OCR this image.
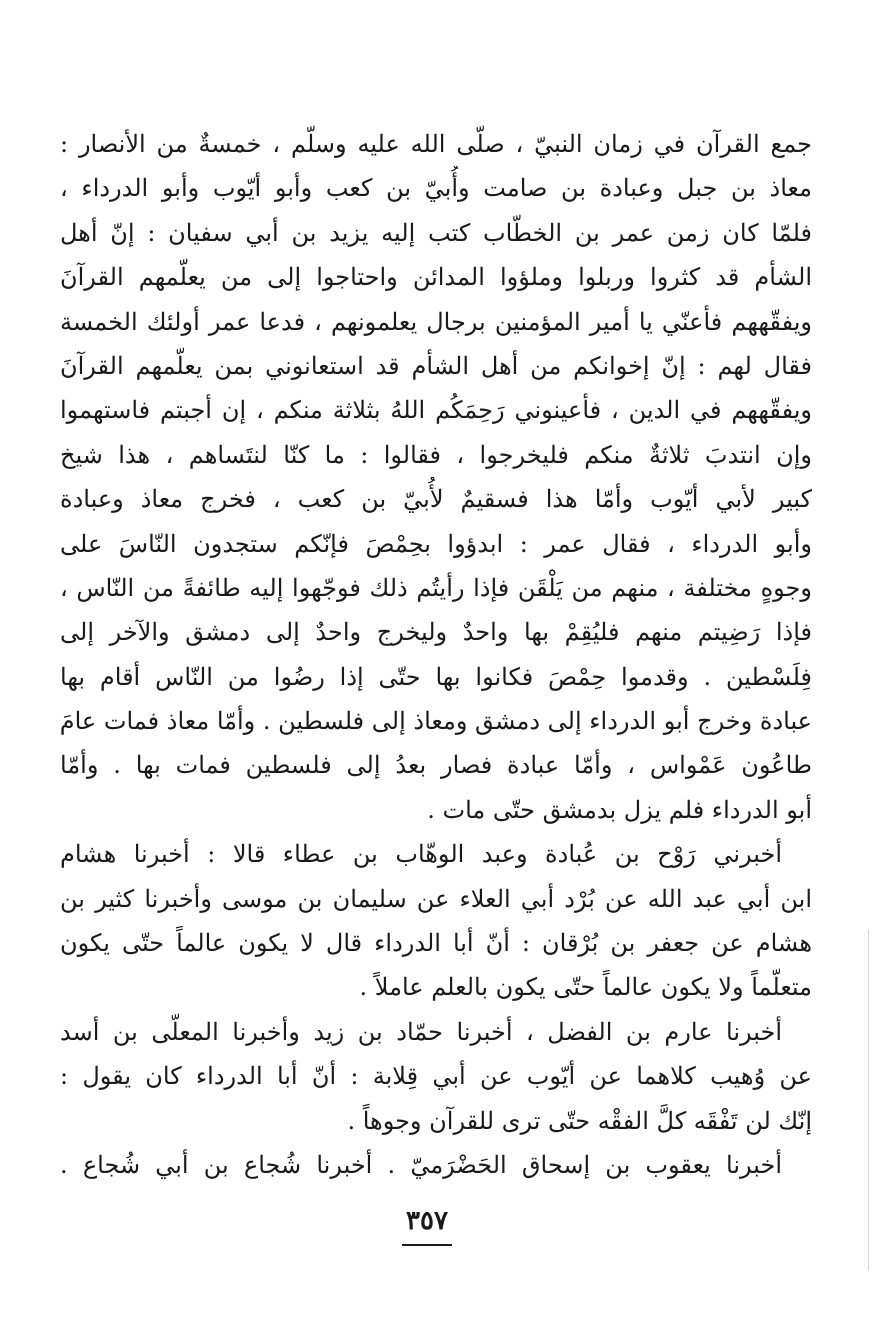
جمع القرآن في زمان النبيّ ، صلّى الله عليه وسلّم ، خمسةٌ من الأنصار :
معاذ بن جبل وعبادة بن صامت وأُبيّ بن كعب وأبو أيّوب وأبو الدرداء ،
فلمّا كان زمن عمر بن الخطّاب كتب إليه يزيد بن أبي سفيان : إنّ أهل
الشأم قد كثروا وربلوا وملؤوا المدائن واحتاجوا إلى من يعلّمهم القرآنَ
ويفقّههم فأعنّي يا أمير المؤمنين برجال يعلمونهم ، فدعا عمر أولئك الخمسة
فقال لهم : إنّ إخوانكم من أهل الشأم قد استعانوني بمن يعلّمهم القرآنَ
ويفقّههم في الدين ، فأعينوني رَحِمَكُم اللهُ بثلاثة منكم ، إن أجبتم فاستهموا
وإن انتدبَ ثلاثةٌ منكم فليخرجوا ، فقالوا : ما كنّا لنتَساهم ، هذا شيخ
كبير لأبي أيّوب وأمّا هذا فسقيمٌ لأُبيّ بن كعب ، فخرج معاذ وعبادة
وأبو الدرداء ، فقال عمر : ابدؤوا بحِمْصَ فإنّكم ستجدون النّاسَ على
وجوهٍ مختلفة ، منهم من يَلْقَن فإذا رأيتُم ذلك فوجّهوا إليه طائفةً من النّاس ،
فإذا رَضِيتم منهم فليُقِمْ بها واحدٌ وليخرج واحدٌ إلى دمشق والآخر إلى
فِلَسْطين . وقدموا حِمْصَ فكانوا بها حتّى إذا رضُوا من النّاس أقام بها
عبادة وخرج أبو الدرداء إلى دمشق ومعاذ إلى فلسطين . وأمّا معاذ فمات عامَ
طاعُون عَمْواس ، وأمّا عبادة فصار بعدُ إلى فلسطين فمات بها . وأمّا
أبو الدرداء فلم يزل بدمشق حتّى مات .
أخبرني رَوْح بن عُبادة وعبد الوهّاب بن عطاء قالا : أخبرنا هشام
ابن أبي عبد الله عن بُرْد أبي العلاء عن سليمان بن موسى وأخبرنا كثير بن
هشام عن جعفر بن بُرْقان : أنّ أبا الدرداء قال لا يكون عالماً حتّى يكون
متعلّماً ولا يكون عالماً حتّى يكون بالعلم عاملاً .
أخبرنا عارم بن الفضل ، أخبرنا حمّاد بن زيد وأخبرنا المعلّى بن أسد
عن وُهيب كلاهما عن أيّوب عن أبي قِلابة : أنّ أبا الدرداء كان يقول :
إنّك لن تَفْقَه كلَّ الفقْه حتّى ترى للقرآن وجوهاً .
أخبرنا يعقوب بن إسحاق الحَضْرَميّ . أخبرنا شُجاع بن أبي شُجاع .
٣٥٧
